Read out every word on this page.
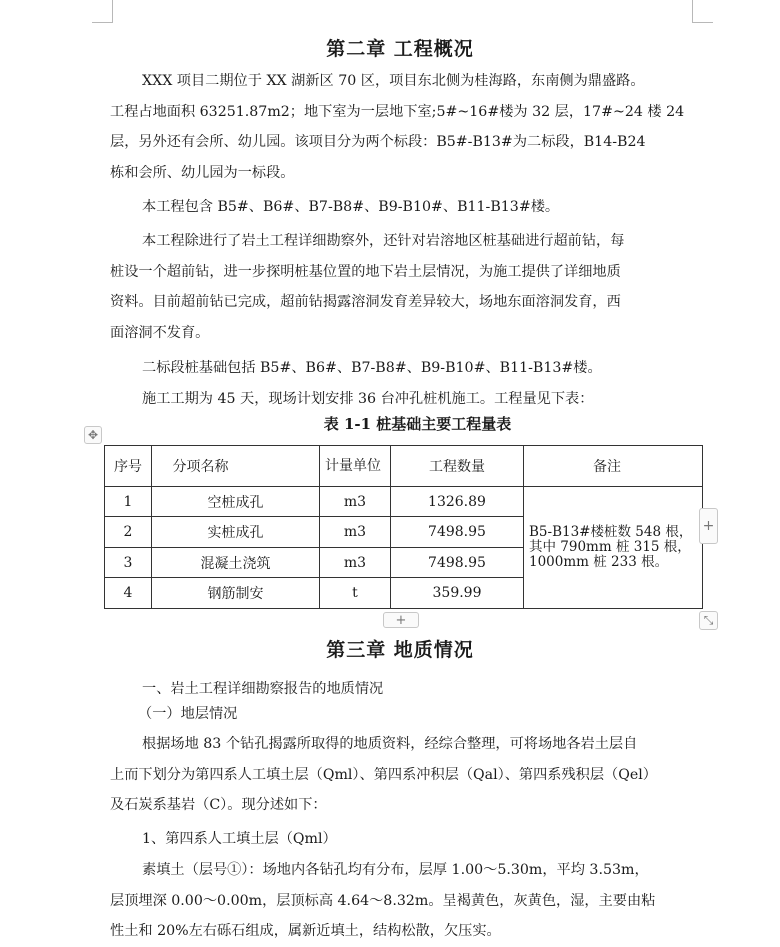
第二章 工程概况

XXX 项目二期位于 XX 湖新区 70 区，项目东北侧为桂海路，东南侧为鼎盛路。
工程占地面积 63251.87m2；地下室为一层地下室;5#~16#楼为 32 层，17#~24 楼 24
层，另外还有会所、幼儿园。该项目分为两个标段：B5#-B13#为二标段，B14-B24
栋和会所、幼儿园为一标段。

本工程包含 B5#、B6#、B7-B8#、B9-B10#、B11-B13#楼。

本工程除进行了岩土工程详细勘察外，还针对岩溶地区桩基础进行超前钻，每
桩设一个超前钻，进一步探明桩基位置的地下岩土层情况，为施工提供了详细地质
资料。目前超前钻已完成，超前钻揭露溶洞发育差异较大，场地东面溶洞发育，西
面溶洞不发育。

二标段桩基础包括 B5#、B6#、B7-B8#、B9-B10#、B11-B13#楼。
施工工期为 45 天，现场计划安排 36 台冲孔桩机施工。工程量见下表：
表 1-1 桩基础主要工程量表
✥
序号	分项名称	计量单位	工程数量	备注
1	空桩成孔	m3	1326.89	B5-B13#楼桩数 548 根，其中 790mm 桩 315 根，1000mm 桩 233 根。
2	实桩成孔	m3	7498.95	
3	混凝土浇筑	m3	7498.95	
4	钢筋制安	t	359.99	
+
+	⤡
第三章 地质情况
一、岩土工程详细勘察报告的地质情况
（一）地层情况

根据场地 83 个钻孔揭露所取得的地质资料，经综合整理，可将场地各岩土层自
上而下划分为第四系人工填土层（Qml）、第四系冲积层（Qal）、第四系残积层（Qel）
及石炭系基岩（C）。现分述如下：

1、第四系人工填土层（Qml）

素填土（层号①）：场地内各钻孔均有分布，层厚 1.00～5.30m，平均 3.53m，
层顶埋深 0.00～0.00m，层顶标高 4.64～8.32m。呈褐黄色，灰黄色，湿，主要由粘
性土和 20%左右砾石组成，属新近填土，结构松散，欠压实。
